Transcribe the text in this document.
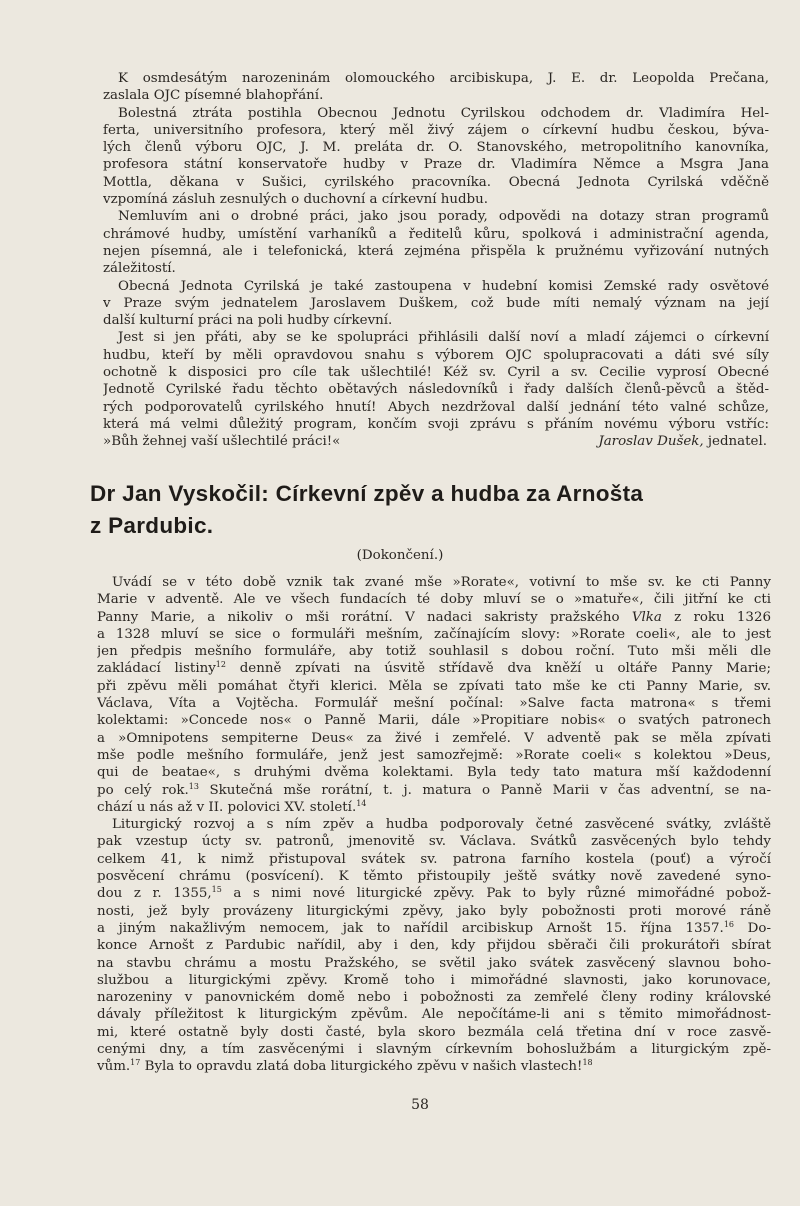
K osmdesátým narozeninám olomouckého arcibiskupa, J. E. dr. Leopolda Prečana,
zaslala OJC písemné blahopřání.
Bolestná ztráta postihla Obecnou Jednotu Cyrilskou odchodem dr. Vladimíra Hel-
ferta, universitního profesora, který měl živý zájem o církevní hudbu českou, býva-
lých členů výboru OJC, J. M. preláta dr. O. Stanovského, metropolitního kanovníka,
profesora státní konservatoře hudby v Praze dr. Vladimíra Němce a Msgra Jana
Mottla, děkana v Sušici, cyrilského pracovníka. Obecná Jednota Cyrilská vděčně
vzpomíná zásluh zesnulých o duchovní a církevní hudbu.
Nemluvím ani o drobné práci, jako jsou porady, odpovědi na dotazy stran programů
chrámové hudby, umístění varhaníků a ředitelů kůru, spolková i administrační agenda,
nejen písemná, ale i telefonická, která zejména přispěla k pružnému vyřizování nutných
záležitostí.
Obecná Jednota Cyrilská je také zastoupena v hudební komisi Zemské rady osvětové
v Praze svým jednatelem Jaroslavem Duškem, což bude míti nemalý význam na její
další kulturní práci na poli hudby církevní.
Jest si jen přáti, aby se ke spolupráci přihlásili další noví a mladí zájemci o církevní
hudbu, kteří by měli opravdovou snahu s výborem OJC spolupracovati a dáti své síly
ochotně k disposici pro cíle tak ušlechtilé! Kéž sv. Cyril a sv. Cecilie vyprosí Obecné
Jednotě Cyrilské řadu těchto obětavých následovníků i řady dalších členů-pěvců a štěd-
rých podporovatelů cyrilského hnutí! Abych nezdržoval další jednání této valné schůze,
která má velmi důležitý program, končím svoji zprávu s přáním novému výboru vstříc:
»Bůh žehnej vaší ušlechtilé práci!«	Jaroslav Dušek, jednatel.
Dr Jan Vyskočil: Církevní zpěv a hudba za Arnošta
z Pardubic.
(Dokončení.)
Uvádí se v této době vznik tak zvané mše »Rorate«, votivní to mše sv. ke cti Panny
Marie v adventě. Ale ve všech fundacích té doby mluví se o »matuře«, čili jitřní ke cti
Panny Marie, a nikoliv o mši rorátní. V nadaci sakristy pražského Vlka z roku 1326
a 1328 mluví se sice o formuláři mešním, začínajícím slovy: »Rorate coeli«, ale to jest
jen předpis mešního formuláře, aby totiž souhlasil s dobou roční. Tuto mši měli dle
zakládací listiny$^{12}$ denně zpívati na úsvitě střídavě dva kněží u oltáře Panny Marie;
při zpěvu měli pomáhat čtyři klerici. Měla se zpívati tato mše ke cti Panny Marie, sv.
Václava, Víta a Vojtěcha. Formulář mešní počínal: »Salve facta matrona« s třemi
kolektami: »Concede nos« o Panně Marii, dále »Propitiare nobis« o svatých patronech
a »Omnipotens sempiterne Deus« za živé i zemřelé. V adventě pak se měla zpívati
mše podle mešního formuláře, jenž jest samozřejmě: »Rorate coeli« s kolektou »Deus,
qui de beatae«, s druhými dvěma kolektami. Byla tedy tato matura mší každodenní
po celý rok.$^{13}$ Skutečná mše rorátní, t. j. matura o Panně Marii v čas adventní, se na-
chází u nás až v II. polovici XV. století.$^{14}$
Liturgický rozvoj a s ním zpěv a hudba podporovaly četné zasvěcené svátky, zvláště
pak vzestup úcty sv. patronů, jmenovitě sv. Václava. Svátků zasvěcených bylo tehdy
celkem 41, k nimž přistupoval svátek sv. patrona farního kostela (pouť) a výročí
posvěcení chrámu (posvícení). K těmto přistoupily ještě svátky nově zavedené syno-
dou z r. 1355,15 a s nimi nové liturgické zpěvy. Pak to byly různé mimořádné pobož-
nosti, jež byly provázeny liturgickými zpěvy, jako byly pobožnosti proti morové ráně
a jiným nakažlivým nemocem, jak to nařídil arcibiskup Arnošt 15. října 1357.16 Do-
konce Arnošt z Pardubic nařídil, aby i den, kdy přijdou sběrači čili prokurátoři sbírat
na stavbu chrámu a mostu Pražského, se světil jako svátek zasvěcený slavnou boho-
službou a liturgickými zpěvy. Kromě toho i mimořádné slavnosti, jako korunovace,
narozeniny v panovnickém domě nebo i pobožnosti za zemřelé členy rodiny královské
dávaly příležitost k liturgickým zpěvům. Ale nepočítáme-li ani s těmito mimořádnost-
mi, které ostatně byly dosti časté, byla skoro bezmála celá třetina dní v roce zasvě-
cenými dny, a tím zasvěcenými i slavným církevním bohoslužbám a liturgickým zpě-
vům.$^{17}$ Byla to opravdu zlatá doba liturgického zpěvu v našich vlastech!$^{18}$
58
